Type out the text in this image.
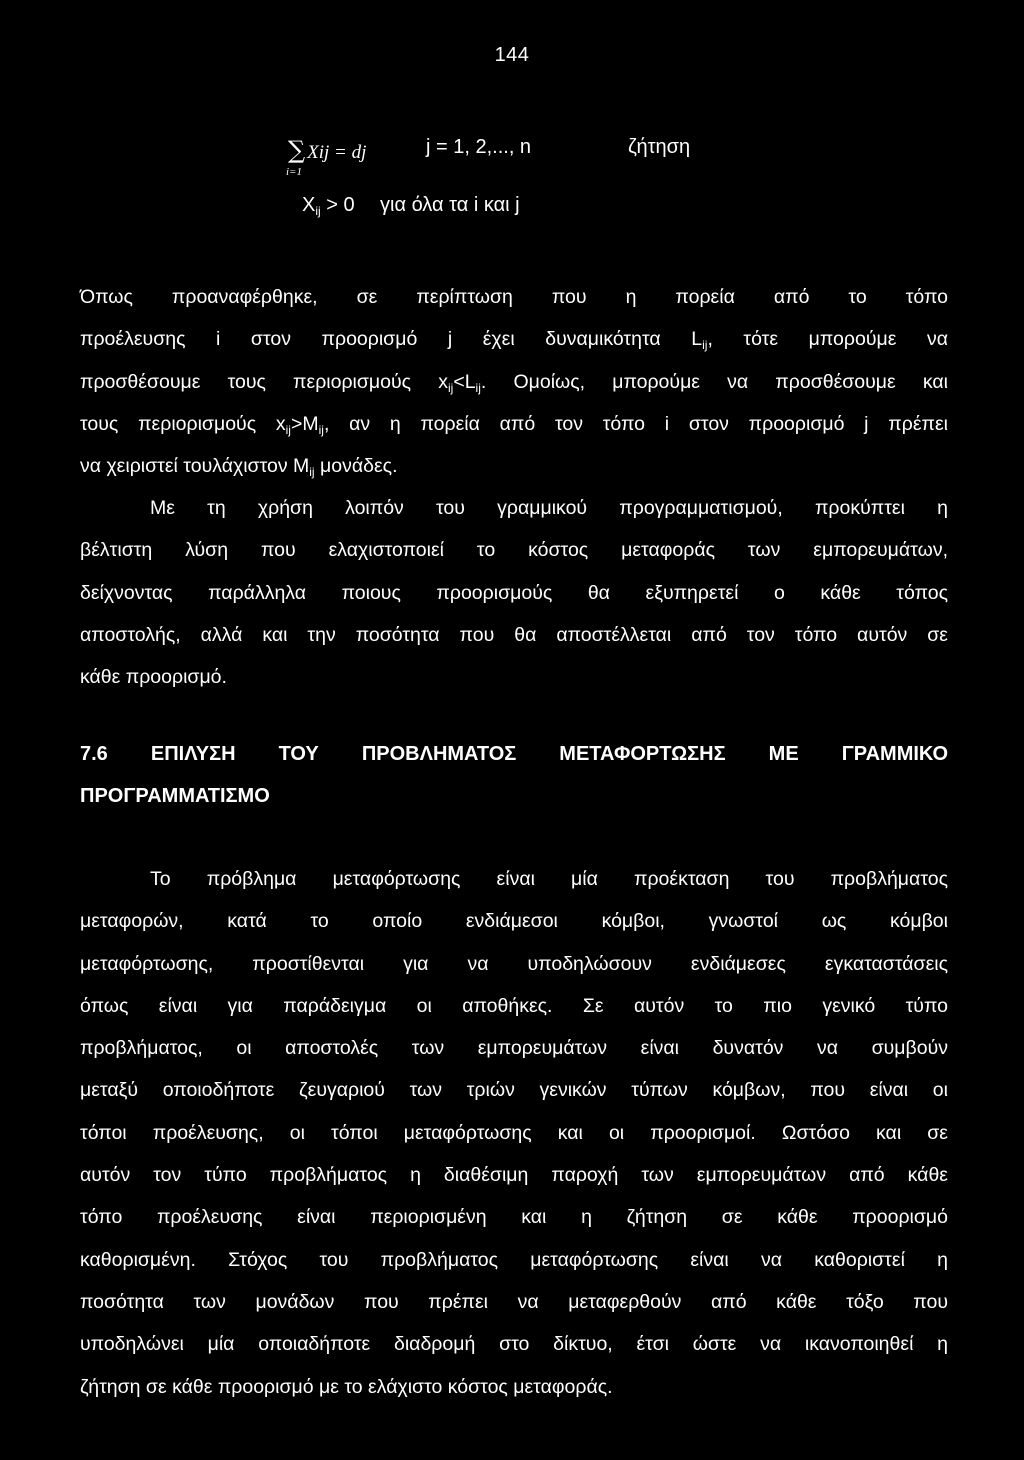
144
∑ Xij = dj	j = 1, 2,..., n	ζήτηση
i=1
$X_{ij} > 0$ για όλα τα i και j
Όπως προαναφέρθηκε, σε περίπτωση που η πορεία από το τόπο
προέλευσης i στον προορισμό j έχει δυναμικότητα $L_{ij}$, τότε μπορούμε να
προσθέσουμε τους περιορισμούς $x_{ij}<L_{ij}$. Ομοίως, μπορούμε να προσθέσουμε και
τους περιορισμούς $x_{ij}>M_{ij}$, αν η πορεία από τον τόπο i στον προορισμό j πρέπει
να χειριστεί τουλάχιστον $M_{ij}$ μονάδες.
Με τη χρήση λοιπόν του γραμμικού προγραμματισμού, προκύπτει η
βέλτιστη λύση που ελαχιστοποιεί το κόστος μεταφοράς των εμπορευμάτων,
δείχνοντας παράλληλα ποιους προορισμούς θα εξυπηρετεί ο κάθε τόπος
αποστολής, αλλά και την ποσότητα που θα αποστέλλεται από τον τόπο αυτόν σε
κάθε προορισμό.
7.6 ΕΠΙΛΥΣΗ ΤΟΥ ΠΡΟΒΛΗΜΑΤΟΣ ΜΕΤΑΦΟΡΤΩΣΗΣ ΜΕ ΓΡΑΜΜΙΚΟ
ΠΡΟΓΡΑΜΜΑΤΙΣΜΟ
Το πρόβλημα μεταφόρτωσης είναι μία προέκταση του προβλήματος
μεταφορών, κατά το οποίο ενδιάμεσοι κόμβοι, γνωστοί ως κόμβοι
μεταφόρτωσης, προστίθενται για να υποδηλώσουν ενδιάμεσες εγκαταστάσεις
όπως είναι για παράδειγμα οι αποθήκες. Σε αυτόν το πιο γενικό τύπο
προβλήματος, οι αποστολές των εμπορευμάτων είναι δυνατόν να συμβούν
μεταξύ οποιοδήποτε ζευγαριού των τριών γενικών τύπων κόμβων, που είναι οι
τόποι προέλευσης, οι τόποι μεταφόρτωσης και οι προορισμοί. Ωστόσο και σε
αυτόν τον τύπο προβλήματος η διαθέσιμη παροχή των εμπορευμάτων από κάθε
τόπο προέλευσης είναι περιορισμένη και η ζήτηση σε κάθε προορισμό
καθορισμένη. Στόχος του προβλήματος μεταφόρτωσης είναι να καθοριστεί η
ποσότητα των μονάδων που πρέπει να μεταφερθούν από κάθε τόξο που
υποδηλώνει μία οποιαδήποτε διαδρομή στο δίκτυο, έτσι ώστε να ικανοποιηθεί η
ζήτηση σε κάθε προορισμό με το ελάχιστο κόστος μεταφοράς.
